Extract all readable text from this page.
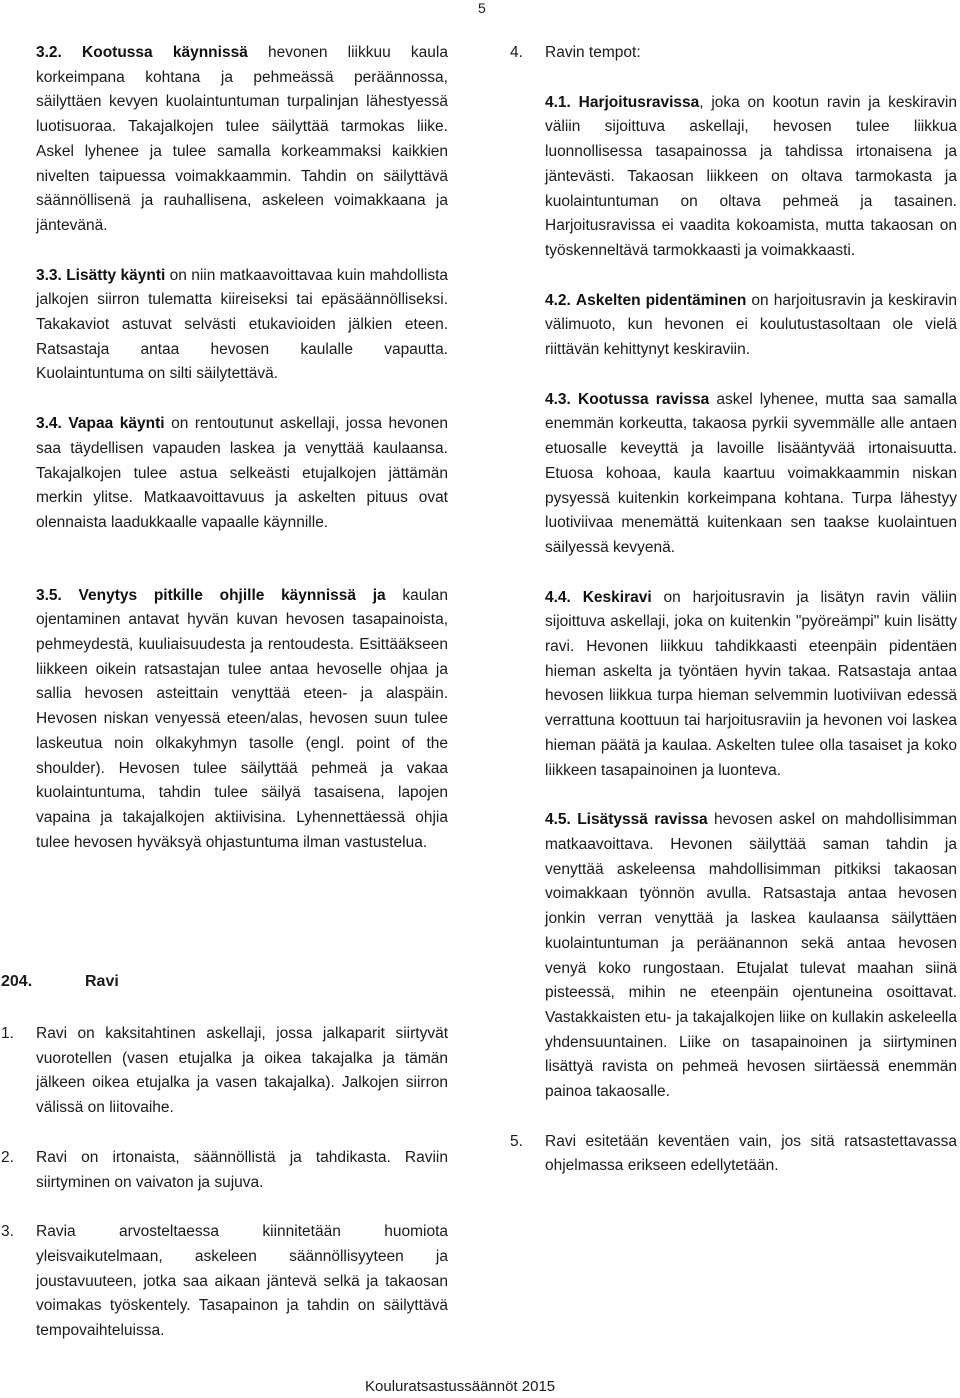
5

3.2. Kootussa käynnissä hevonen liikkuu kaula korkeimpana kohtana ja pehmeässä peräännossa, säilyttäen kevyen kuolaintuntuman turpalinjan lähestyessä luotisuoraa. Takajalkojen tulee säilyttää tarmokas liike. Askel lyhenee ja tulee samalla korkeammaksi kaikkien nivelten taipuessa voimakkaammin. Tahdin on säilyttävä säännöllisenä ja rauhallisena, askeleen voimakkaana ja jäntevänä.

3.3. Lisätty käynti on niin matkaavoittavaa kuin mahdollista jalkojen siirron tulematta kiireiseksi tai epäsäännölliseksi. Takakaviot astuvat selvästi etukavioiden jälkien eteen. Ratsastaja antaa hevosen kaulalle vapautta. Kuolaintuntuma on silti säilytettävä.

3.4. Vapaa käynti on rentoutunut askellaji, jossa hevonen saa täydellisen vapauden laskea ja venyttää kaulaansa. Takajalkojen tulee astua selkeästi etujalkojen jättämän merkin ylitse. Matkaavoittavuus ja askelten pituus ovat olennaista laadukkaalle vapaalle käynnille.

3.5. Venytys pitkille ohjille käynnissä ja kaulan ojentaminen antavat hyvän kuvan hevosen tasapainoista, pehmeydestä, kuuliaisuudesta ja rentoudesta. Esittääkseen liikkeen oikein ratsastajan tulee antaa hevoselle ohjaa ja sallia hevosen asteittain venyttää eteen- ja alaspäin. Hevosen niskan venyessä eteen/alas, hevosen suun tulee laskeutua noin olkakyhmyn tasolle (engl. point of the shoulder). Hevosen tulee säilyttää pehmeä ja vakaa kuolaintuntuma, tahdin tulee säilyä tasaisena, lapojen vapaina ja takajalkojen aktiivisina. Lyhennettäessä ohjia tulee hevosen hyväksyä ohjastuntuma ilman vastustelua.

204.	Ravi
1. Ravi on kaksitahtinen askellaji, jossa jalkaparit siirtyvät vuorotellen (vasen etujalka ja oikea takajalka ja tämän jälkeen oikea etujalka ja vasen takajalka). Jalkojen siirron välissä on liitovaihe.
2. Ravi on irtonaista, säännöllistä ja tahdikasta. Raviin siirtyminen on vaivaton ja sujuva.
3. Ravia arvosteltaessa kiinnitetään huomiota yleisvaikutelmaan, askeleen säännöllisyyteen ja joustavuuteen, jotka saa aikaan jäntevä selkä ja takaosan voimakas työskentely. Tasapainon ja tahdin on säilyttävä tempovaihteluissa.
4. Ravin tempot:

4.1. Harjoitusravissa, joka on kootun ravin ja keskiravin väliin sijoittuva askellaji, hevosen tulee liikkua luonnollisessa tasapainossa ja tahdissa irtonaisena ja jäntevästi. Takaosan liikkeen on oltava tarmokasta ja kuolaintuntuman on oltava pehmeä ja tasainen. Harjoitusravissa ei vaadita kokoamista, mutta takaosan on työskenneltävä tarmokkaasti ja voimakkaasti.

4.2. Askelten pidentäminen on harjoitusravin ja keskiravin välimuoto, kun hevonen ei koulutustasoltaan ole vielä riittävän kehittynyt keskiraviin.

4.3. Kootussa ravissa askel lyhenee, mutta saa samalla enemmän korkeutta, takaosa pyrkii syvemmälle alle antaen etuosalle keveyttä ja lavoille lisääntyvää irtonaisuutta. Etuosa kohoaa, kaula kaartuu voimakkaammin niskan pysyessä kuitenkin korkeimpana kohtana. Turpa lähestyy luotiviivaa menemättä kuitenkaan sen taakse kuolaintuen säilyessä kevyenä.

4.4. Keskiravi on harjoitusravin ja lisätyn ravin väliin sijoittuva askellaji, joka on kuitenkin "pyöreämpi" kuin lisätty ravi. Hevonen liikkuu tahdikkaasti eteenpäin pidentäen hieman askelta ja työntäen hyvin takaa. Ratsastaja antaa hevosen liikkua turpa hieman selvemmin luotiviivan edessä verrattuna koottuun tai harjoitusraviin ja hevonen voi laskea hieman päätä ja kaulaa. Askelten tulee olla tasaiset ja koko liikkeen tasapainoinen ja luonteva.

4.5. Lisätyssä ravissa hevosen askel on mahdollisimman matkaavoittava. Hevonen säilyttää saman tahdin ja venyttää askeleensa mahdollisimman pitkiksi takaosan voimakkaan työnnön avulla. Ratsastaja antaa hevosen jonkin verran venyttää ja laskea kaulaansa säilyttäen kuolaintuntuman ja peräänannon sekä antaa hevosen venyä koko rungostaan. Etujalat tulevat maahan siinä pisteessä, mihin ne eteenpäin ojentuneina osoittavat. Vastakkaisten etu- ja takajalkojen liike on kullakin askeleella yhdensuuntainen. Liike on tasapainoinen ja siirtyminen lisättyä ravista on pehmeä hevosen siirtäessä enemmän painoa takaosalle.

5. Ravi esitetään keventäen vain, jos sitä ratsastettavassa ohjelmassa erikseen edellytetään.
Kouluratsastussäännöt 2015
